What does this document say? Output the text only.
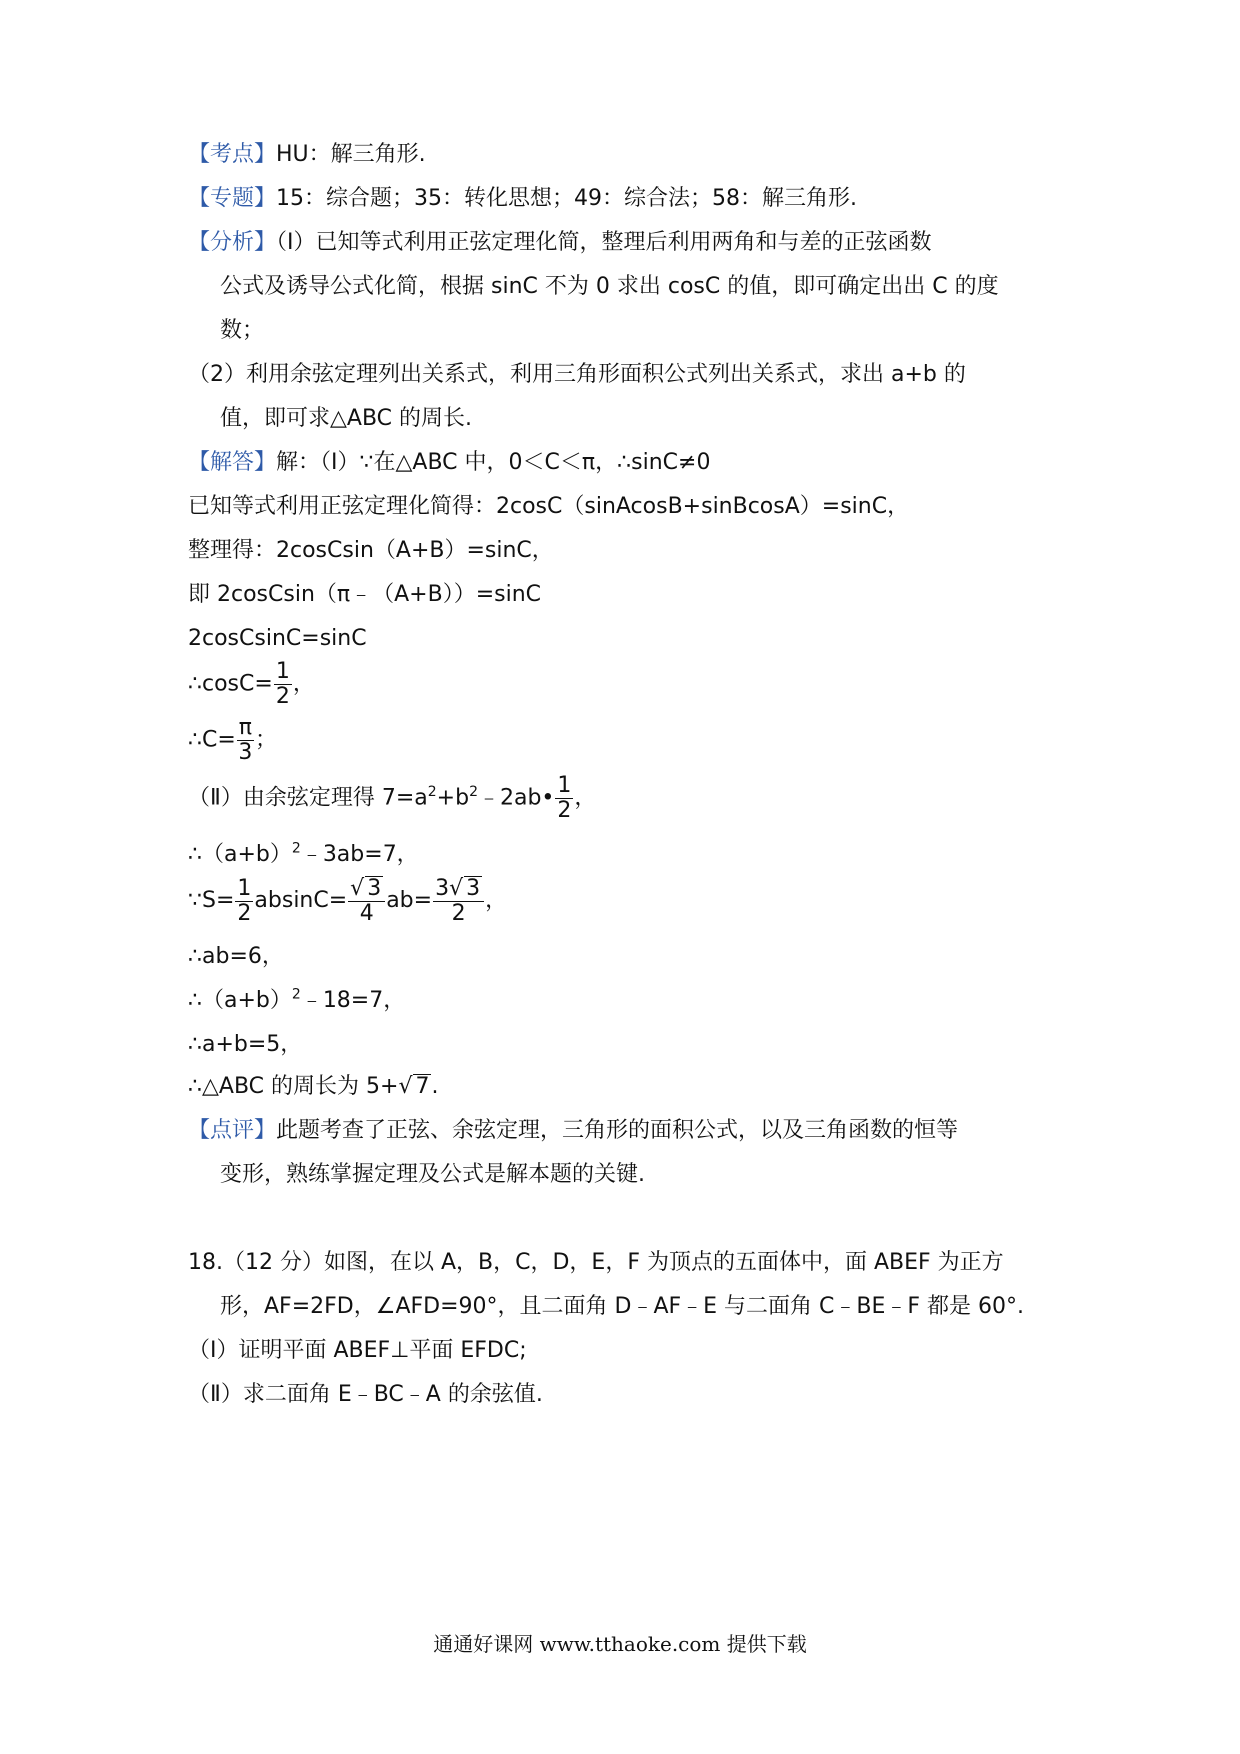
【考点】HU：解三角形.
【专题】15：综合题；35：转化思想；49：综合法；58：解三角形.
【分析】（Ⅰ）已知等式利用正弦定理化简，整理后利用两角和与差的正弦函数
公式及诱导公式化简，根据 sinC 不为 0 求出 cosC 的值，即可确定出出 C 的度
数；
（2）利用余弦定理列出关系式，利用三角形面积公式列出关系式，求出 a+b 的
值，即可求△ABC 的周长.
【解答】解：（Ⅰ）∵在△ABC 中，0＜C＜π，∴sinC≠0
已知等式利用正弦定理化简得：2cosC（sinAcosB+sinBcosA）=sinC，
整理得：2cosCsin（A+B）=sinC，
即 2cosCsin（π﹣（A+B））=sinC
2cosCsinC=sinC
∴cosC= $\frac{1}{2}$ ，
∴C= $\frac{\pi}{3}$ ；
（Ⅱ）由余弦定理得 $7=a^2+b^2﹣2ab• \frac{1}{2}$ ，
$\therefore(a+b)^2﹣3ab=7$，
∵S= $\frac{1}{2} absinC= \frac{√ 3}{4} ab= \frac{3√ 3}{2}$ ，
∴ab=6，
$\therefore(a+b)^2﹣18=7$，
∴a+b=5，
∴△ABC 的周长为 5+√ 7.
【点评】此题考查了正弦、余弦定理，三角形的面积公式，以及三角函数的恒等
变形，熟练掌握定理及公式是解本题的关键.
18.（12 分）如图，在以 A，B，C，D，E，F 为顶点的五面体中，面 ABEF 为正方
形，AF=2FD，∠AFD=90°，且二面角 D﹣AF﹣E 与二面角 C﹣BE﹣F 都是 60°.
（Ⅰ）证明平面 ABEF⊥平面 EFDC;
（Ⅱ）求二面角 E﹣BC﹣A 的余弦值.
通通好课网 www.tthaoke.com 提供下载
